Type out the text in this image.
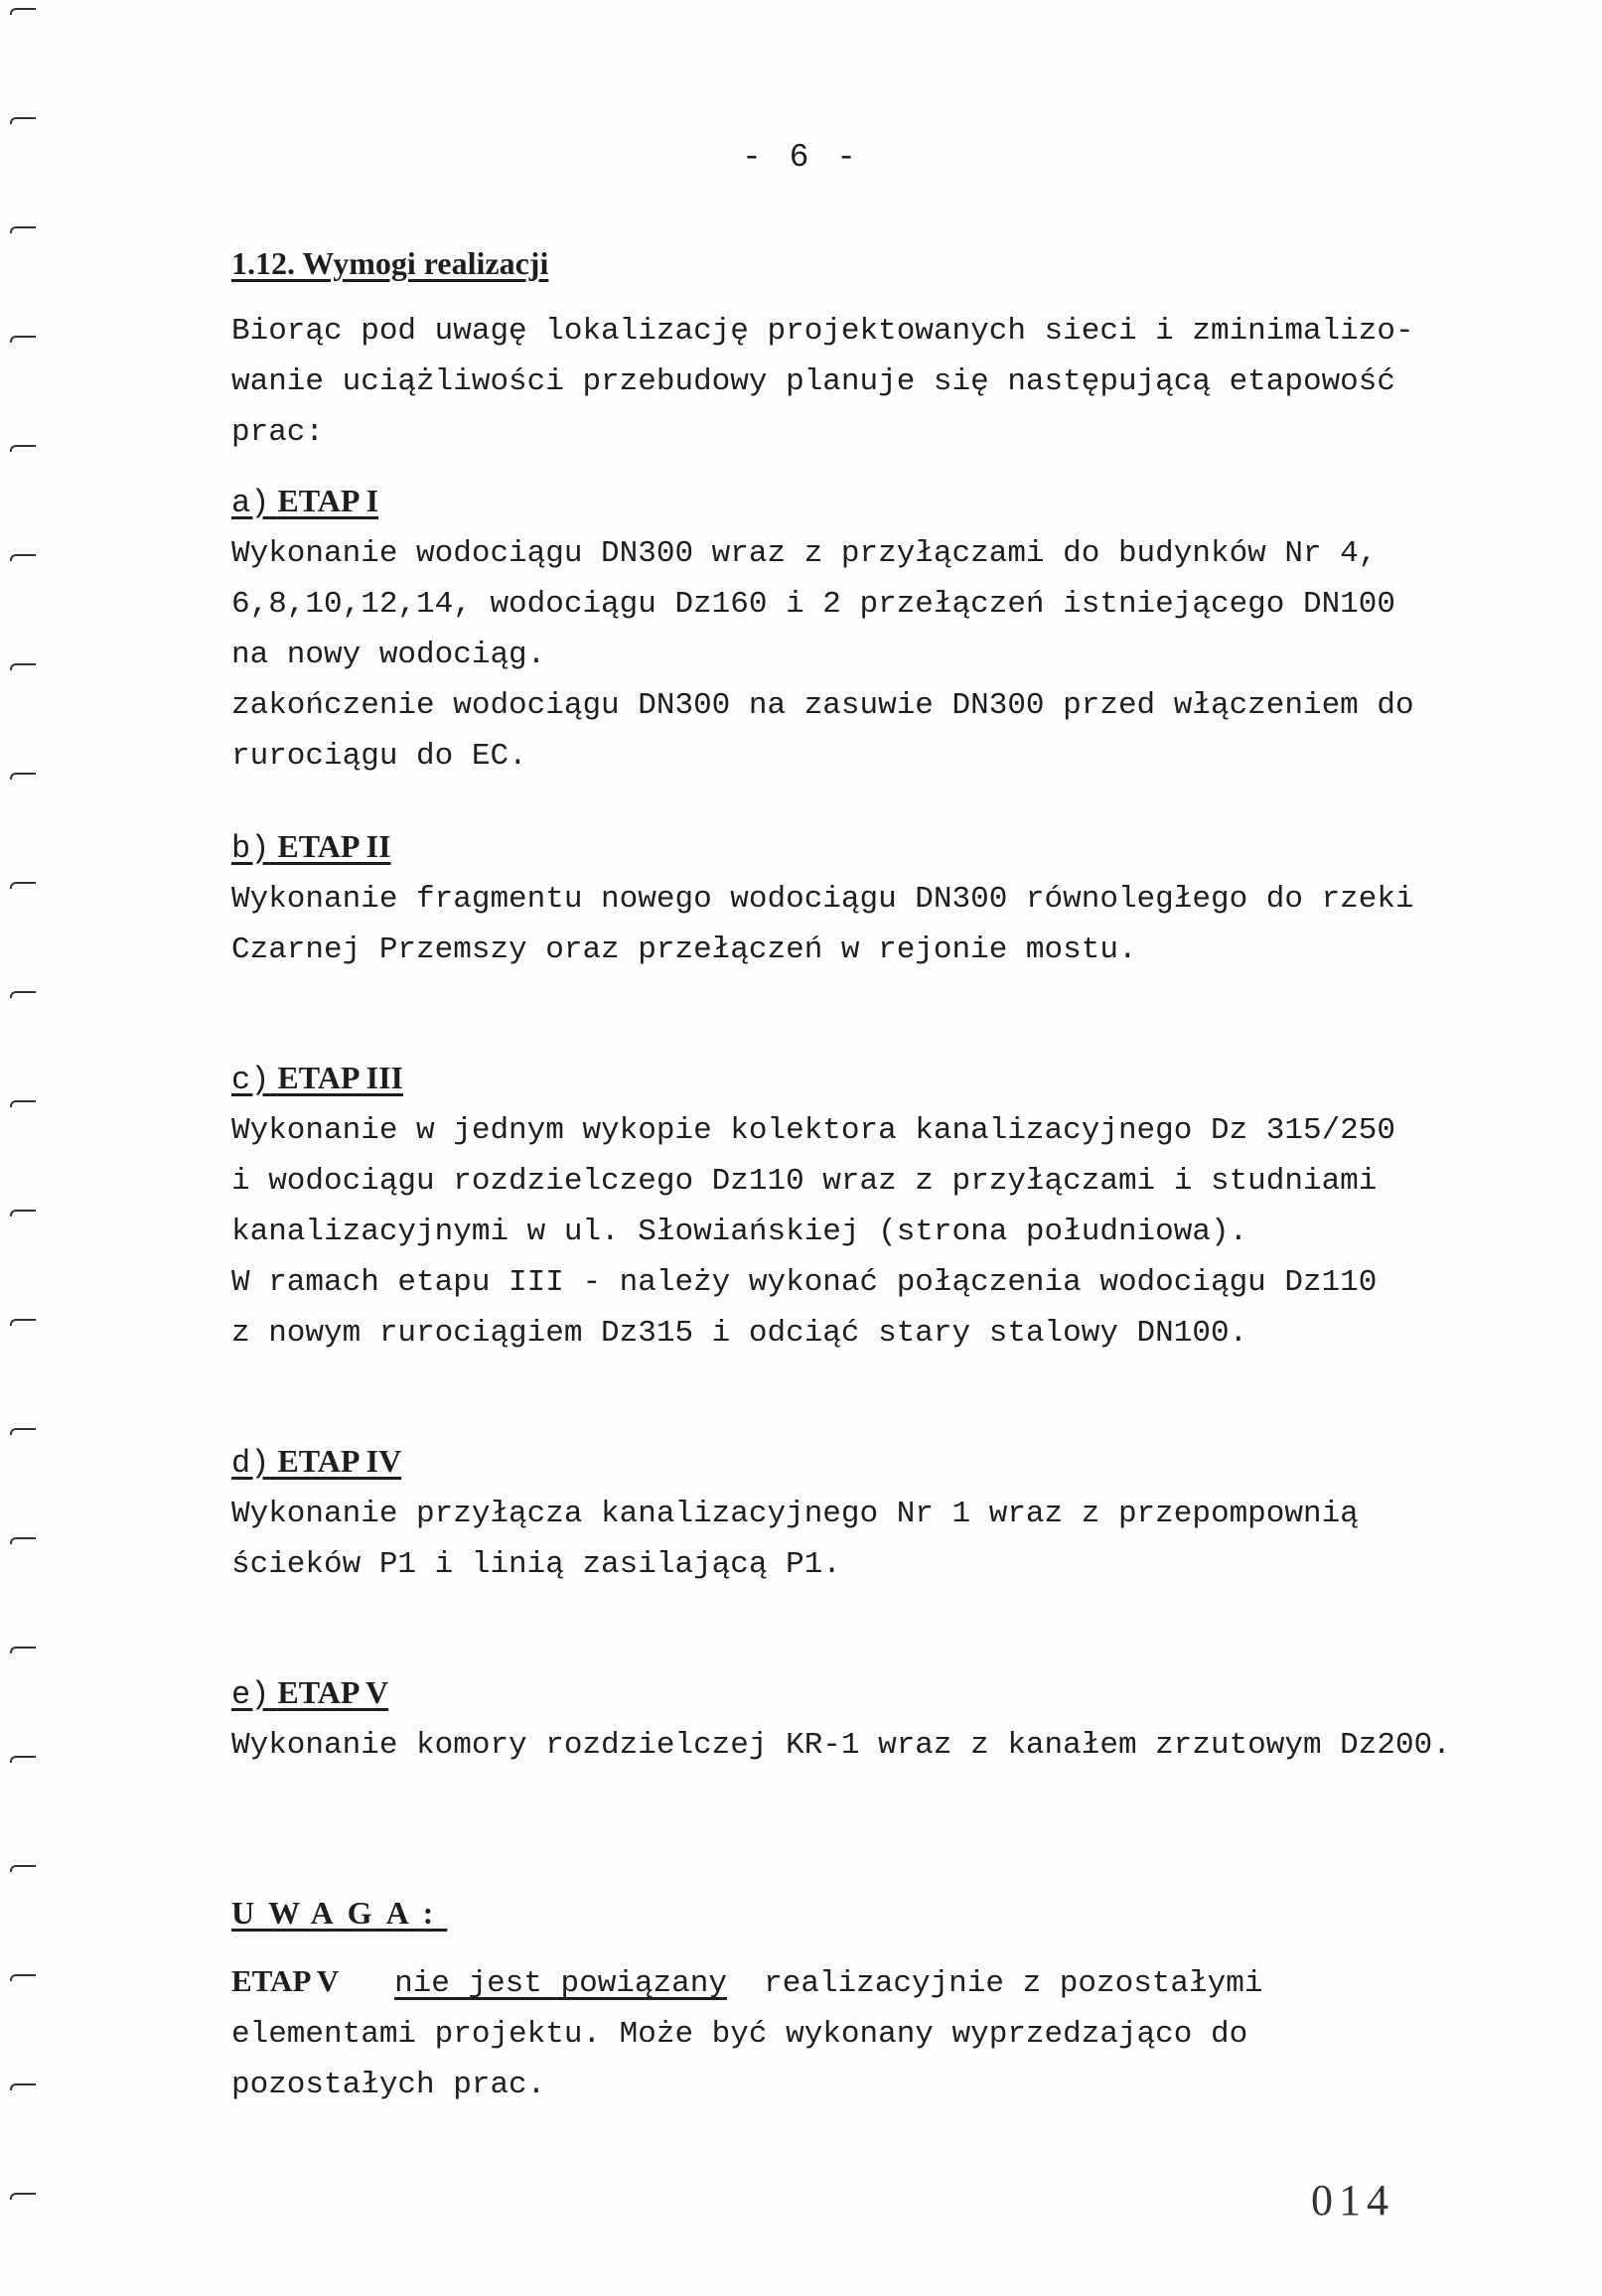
- 6 -
1.12. Wymogi realizacji

Biorąc pod uwagę lokalizację projektowanych sieci i zminimalizo-

wanie uciążliwości przebudowy planuje się następującą etapowość

prac:

a) ETAP I

Wykonanie wodociągu DN300 wraz z przyłączami do budynków Nr 4,

6,8,10,12,14, wodociągu Dz160 i 2 przełączeń istniejącego DN100

na nowy wodociąg.

zakończenie wodociągu DN300 na zasuwie DN300 przed włączeniem do

rurociągu do EC.

b) ETAP II

Wykonanie fragmentu nowego wodociągu DN300 równoległego do rzeki

Czarnej Przemszy oraz przełączeń w rejonie mostu.

c) ETAP III

Wykonanie w jednym wykopie kolektora kanalizacyjnego Dz 315/250

i wodociągu rozdzielczego Dz110 wraz z przyłączami i studniami

kanalizacyjnymi w ul. Słowiańskiej (strona południowa).

W ramach etapu III - należy wykonać połączenia wodociągu Dz110

z nowym rurociągiem Dz315 i odciąć stary stalowy DN100.

d) ETAP IV

Wykonanie przyłącza kanalizacyjnego Nr 1 wraz z przepompownią

ścieków P1 i linią zasilającą P1.

e) ETAP V

Wykonanie komory rozdzielczej KR-1 wraz z kanałem zrzutowym Dz200.

UWAGA:

ETAP V nie jest powiązany realizacyjnie z pozostałymi

elementami projektu. Może być wykonany wyprzedzająco do

pozostałych prac.

014
